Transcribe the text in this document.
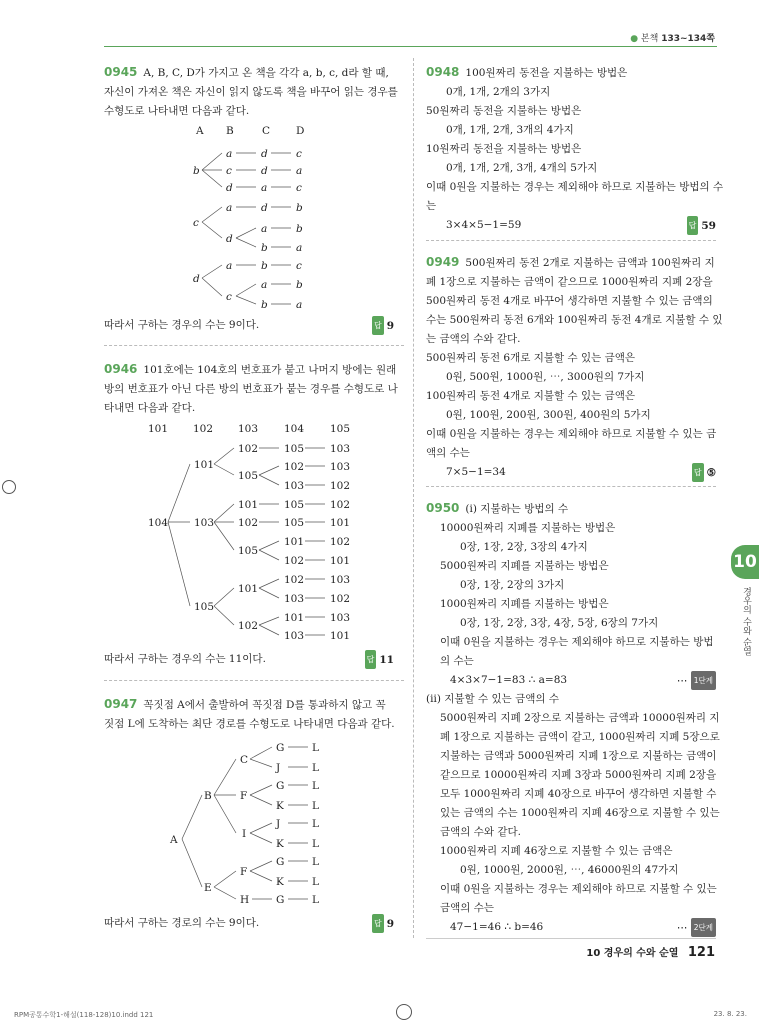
● 본책 133~134쪽
0945 A, B, C, D가 가지고 온 책을 각각 a, b, c, d라 할 때,
자신이 가져온 책은 자신이 읽지 않도록 책을 바꾸어 읽는 경우를
수형도로 나타내면 다음과 같다.
A B	C D
b
a	d	c
c	d	a
d	a	c
c
a	d	b
d
a	b
b	a
d
a	b	c
c
a	b
b	a
따라서 구하는 경우의 수는 9이다.	답 9
0946 101호에는 104호의 번호표가 붙고 나머지 방에는 원래
방의 번호표가 아닌 다른 방의 번호표가 붙는 경우를 수형도로 나
타내면 다음과 같다.
101 102 103 104 105
104
101
102 105 103
105
102 103
103 102
103
101 105 102
102 105 101
105
101 102
102 101
105
101
102 103
103 102
102
101 103
103 101
따라서 구하는 경우의 수는 11이다.	답 11
0947 꼭짓점 A에서 출발하여 꼭짓점 D를 통과하지 않고 꼭
짓점 L에 도착하는 최단 경로를 수형도로 나타내면 다음과 같다.
A
B
C
G	L
J	L
F
G	L
K	L
I
J	L
K	L
E
F
G	L
K	L
H	G	L
따라서 구하는 경로의 수는 9이다.	답 9
0948 100원짜리 동전을 지불하는 방법은
0개, 1개, 2개의 3가지
50원짜리 동전을 지불하는 방법은
0개, 1개, 2개, 3개의 4가지
10원짜리 동전을 지불하는 방법은
0개, 1개, 2개, 3개, 4개의 5가지
이때 0원을 지불하는 경우는 제외해야 하므로 지불하는 방법의 수
는
3×4×5−1=59	답 59
0949 500원짜리 동전 2개로 지불하는 금액과 100원짜리 지
폐 1장으로 지불하는 금액이 같으므로 1000원짜리 지폐 2장을
500원짜리 동전 4개로 바꾸어 생각하면 지불할 수 있는 금액의
수는 500원짜리 동전 6개와 100원짜리 동전 4개로 지불할 수 있
는 금액의 수와 같다.
500원짜리 동전 6개로 지불할 수 있는 금액은
0원, 500원, 1000원, ⋯, 3000원의 7가지
100원짜리 동전 4개로 지불할 수 있는 금액은
0원, 100원, 200원, 300원, 400원의 5가지
이때 0원을 지불하는 경우는 제외해야 하므로 지불할 수 있는 금
액의 수는
7×5−1=34	답 ⑤
0950 (ⅰ) 지불하는 방법의 수
10000원짜리 지폐를 지불하는 방법은
0장, 1장, 2장, 3장의 4가지
5000원짜리 지폐를 지불하는 방법은
0장, 1장, 2장의 3가지
1000원짜리 지폐를 지불하는 방법은
0장, 1장, 2장, 3장, 4장, 5장, 6장의 7가지
이때 0원을 지불하는 경우는 제외해야 하므로 지불하는 방법
의 수는
4×3×7−1=83 ∴ a=83	⋯ 1단계
(ⅱ) 지불할 수 있는 금액의 수
5000원짜리 지폐 2장으로 지불하는 금액과 10000원짜리 지
폐 1장으로 지불하는 금액이 같고, 1000원짜리 지폐 5장으로
지불하는 금액과 5000원짜리 지폐 1장으로 지불하는 금액이
같으므로 10000원짜리 지폐 3장과 5000원짜리 지폐 2장을
모두 1000원짜리 지폐 40장으로 바꾸어 생각하면 지불할 수
있는 금액의 수는 1000원짜리 지폐 46장으로 지불할 수 있는
금액의 수와 같다.
1000원짜리 지폐 46장으로 지불할 수 있는 금액은
0원, 1000원, 2000원, ⋯, 46000원의 47가지
이때 0원을 지불하는 경우는 제외해야 하므로 지불할 수 있는
금액의 수는
47−1=46 ∴ b=46	⋯ 2단계
10
경우의 수와 순열
10 경우의 수와 순열 121
RPM공통수학1-해설(118-128)10.indd 121	23. 8. 23.
